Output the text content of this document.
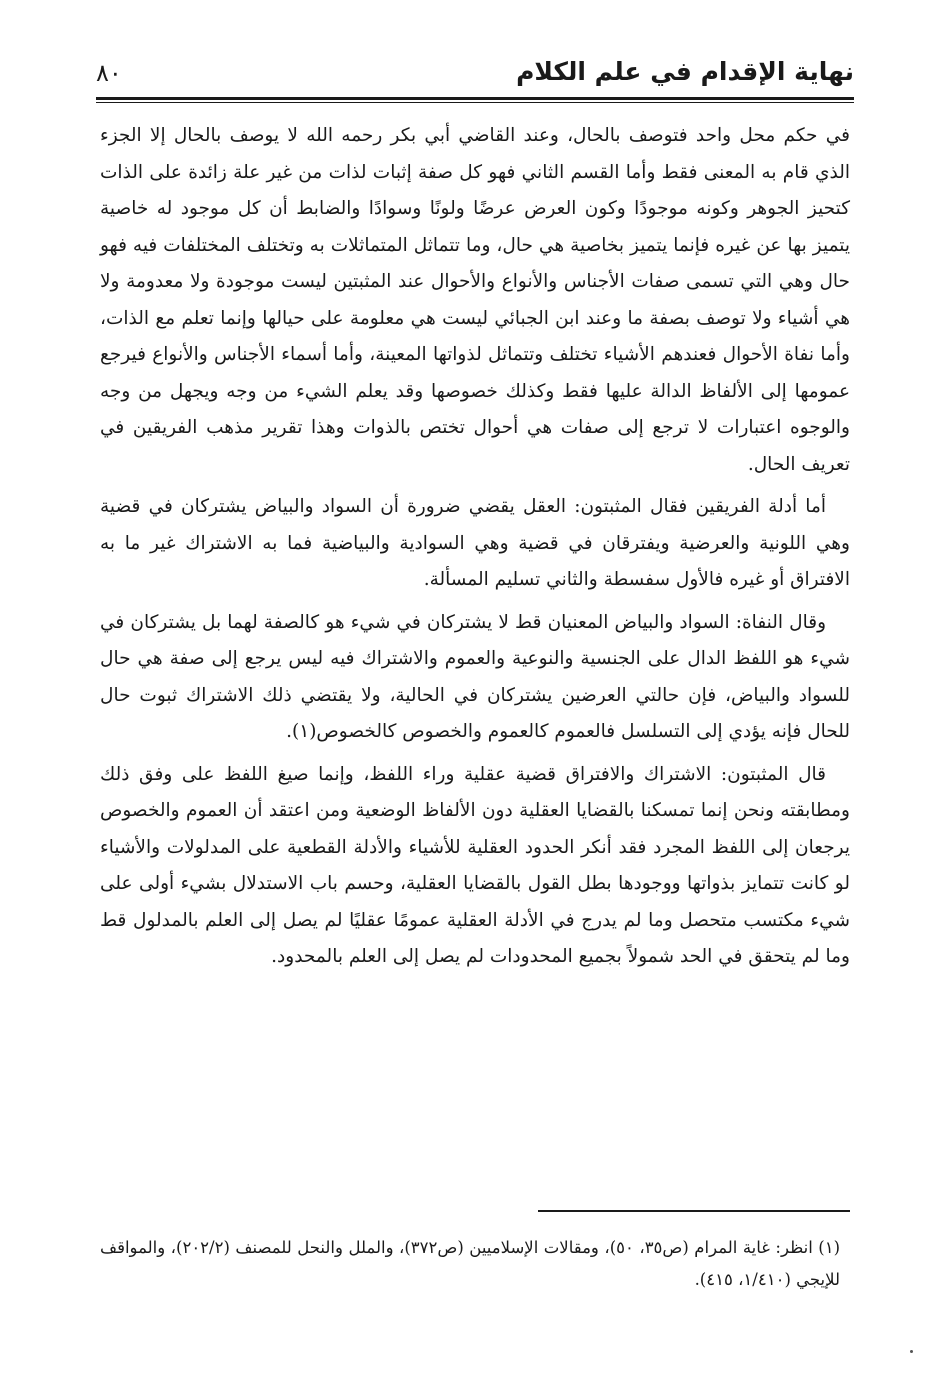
نهاية الإقدام في علم الكلام
٨٠

في حكم محل واحد فتوصف بالحال، وعند القاضي أبي بكر رحمه الله لا يوصف بالحال إلا الجزء الذي قام به المعنى فقط وأما القسم الثاني فهو كل صفة إثبات لذات من غير علة زائدة على الذات كتحيز الجوهر وكونه موجودًا وكون العرض عرضًا ولونًا وسوادًا والضابط أن كل موجود له خاصية يتميز بها عن غيره فإنما يتميز بخاصية هي حال، وما تتماثل المتماثلات به وتختلف المختلفات فيه فهو حال وهي التي تسمى صفات الأجناس والأنواع والأحوال عند المثبتين ليست موجودة ولا معدومة ولا هي أشياء ولا توصف بصفة ما وعند ابن الجبائي ليست هي معلومة على حيالها وإنما تعلم مع الذات، وأما نفاة الأحوال فعندهم الأشياء تختلف وتتماثل لذواتها المعينة، وأما أسماء الأجناس والأنواع فيرجع عمومها إلى الألفاظ الدالة عليها فقط وكذلك خصوصها وقد يعلم الشيء من وجه ويجهل من وجه والوجوه اعتبارات لا ترجع إلى صفات هي أحوال تختص بالذوات وهذا تقرير مذهب الفريقين في تعريف الحال.

أما أدلة الفريقين فقال المثبتون: العقل يقضي ضرورة أن السواد والبياض يشتركان في قضية وهي اللونية والعرضية ويفترقان في قضية وهي السوادية والبياضية فما به الاشتراك غير ما به الافتراق أو غيره فالأول سفسطة والثاني تسليم المسألة.

وقال النفاة: السواد والبياض المعنيان قط لا يشتركان في شيء هو كالصفة لهما بل يشتركان في شيء هو اللفظ الدال على الجنسية والنوعية والعموم والاشتراك فيه ليس يرجع إلى صفة هي حال للسواد والبياض، فإن حالتي العرضين يشتركان في الحالية، ولا يقتضي ذلك الاشتراك ثبوت حال للحال فإنه يؤدي إلى التسلسل فالعموم كالعموم والخصوص كالخصوص(١).

قال المثبتون: الاشتراك والافتراق قضية عقلية وراء اللفظ، وإنما صيغ اللفظ على وفق ذلك ومطابقته ونحن إنما تمسكنا بالقضايا العقلية دون الألفاظ الوضعية ومن اعتقد أن العموم والخصوص يرجعان إلى اللفظ المجرد فقد أنكر الحدود العقلية للأشياء والأدلة القطعية على المدلولات والأشياء لو كانت تتمايز بذواتها ووجودها بطل القول بالقضايا العقلية، وحسم باب الاستدلال بشيء أولى على شيء مكتسب متحصل وما لم يدرج في الأدلة العقلية عمومًا عقليًا لم يصل إلى العلم بالمدلول قط وما لم يتحقق في الحد شمولاً بجميع المحدودات لم يصل إلى العلم بالمحدود.

(١) انظر: غاية المرام (ص٣٥، ٥٠)، ومقالات الإسلاميين (ص٣٧٢)، والملل والنحل للمصنف (٢٠٢/٢)، والمواقف للإيجي (١/٤١٠، ٤١٥).
